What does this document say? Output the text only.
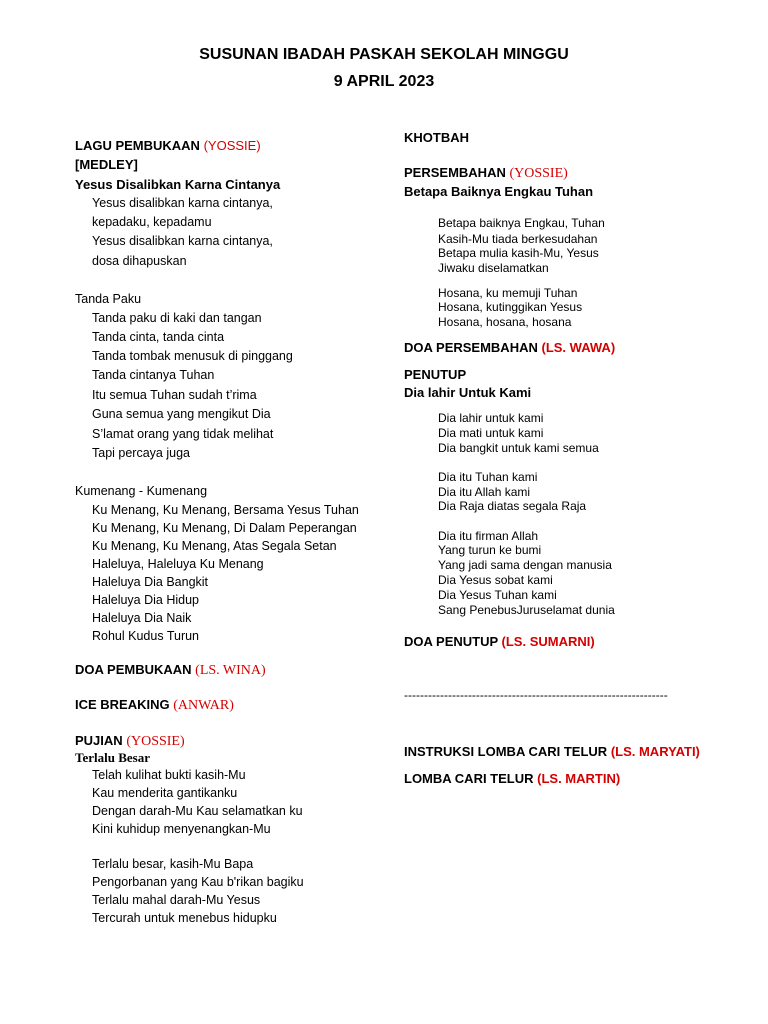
SUSUNAN IBADAH PASKAH SEKOLAH MINGGU
9 APRIL 2023
LAGU PEMBUKAAN (YOSSIE)
[MEDLEY]
Yesus Disalibkan Karna Cintanya
Yesus disalibkan karna cintanya,
kepadaku, kepadamu
Yesus disalibkan karna cintanya,
dosa dihapuskan
Tanda Paku
Tanda paku di kaki dan tangan
Tanda cinta, tanda cinta
Tanda tombak menusuk di pinggang
Tanda cintanya Tuhan
Itu semua Tuhan sudah t’rima
Guna semua yang mengikut Dia
S’lamat orang yang tidak melihat
Tapi percaya juga
Kumenang - Kumenang
Ku Menang, Ku Menang, Bersama Yesus Tuhan
Ku Menang, Ku Menang, Di Dalam Peperangan
Ku Menang, Ku Menang, Atas Segala Setan
Haleluya, Haleluya Ku Menang
Haleluya Dia Bangkit
Haleluya Dia Hidup
Haleluya Dia Naik
Rohul Kudus Turun
DOA PEMBUKAAN (LS. WINA)
ICE BREAKING (ANWAR)
PUJIAN (YOSSIE)
Terlalu Besar
Telah kulihat bukti kasih-Mu
Kau menderita gantikanku
Dengan darah-Mu Kau selamatkan ku
Kini kuhidup menyenangkan-Mu
Terlalu besar, kasih-Mu Bapa
Pengorbanan yang Kau b'rikan bagiku
Terlalu mahal darah-Mu Yesus
Tercurah untuk menebus hidupku
KHOTBAH
PERSEMBAHAN (YOSSIE)
Betapa Baiknya Engkau Tuhan
Betapa baiknya Engkau, Tuhan
Kasih-Mu tiada berkesudahan
Betapa mulia kasih-Mu, Yesus
Jiwaku diselamatkan
Hosana, ku memuji Tuhan
Hosana, kutinggikan Yesus
Hosana, hosana, hosana
DOA PERSEMBAHAN (LS. WAWA)
PENUTUP
Dia lahir Untuk Kami
Dia lahir untuk kami
Dia mati untuk kami
Dia bangkit untuk kami semua
Dia itu Tuhan kami
Dia itu Allah kami
Dia Raja diatas segala Raja
Dia itu firman Allah
Yang turun ke bumi
Yang jadi sama dengan manusia
Dia Yesus sobat kami
Dia Yesus Tuhan kami
Sang PenebusJuruselamat dunia
DOA PENUTUP (LS. SUMARNI)
------------------------------------------------------------------
INSTRUKSI LOMBA CARI TELUR (LS. MARYATI)
LOMBA CARI TELUR (LS. MARTIN)
